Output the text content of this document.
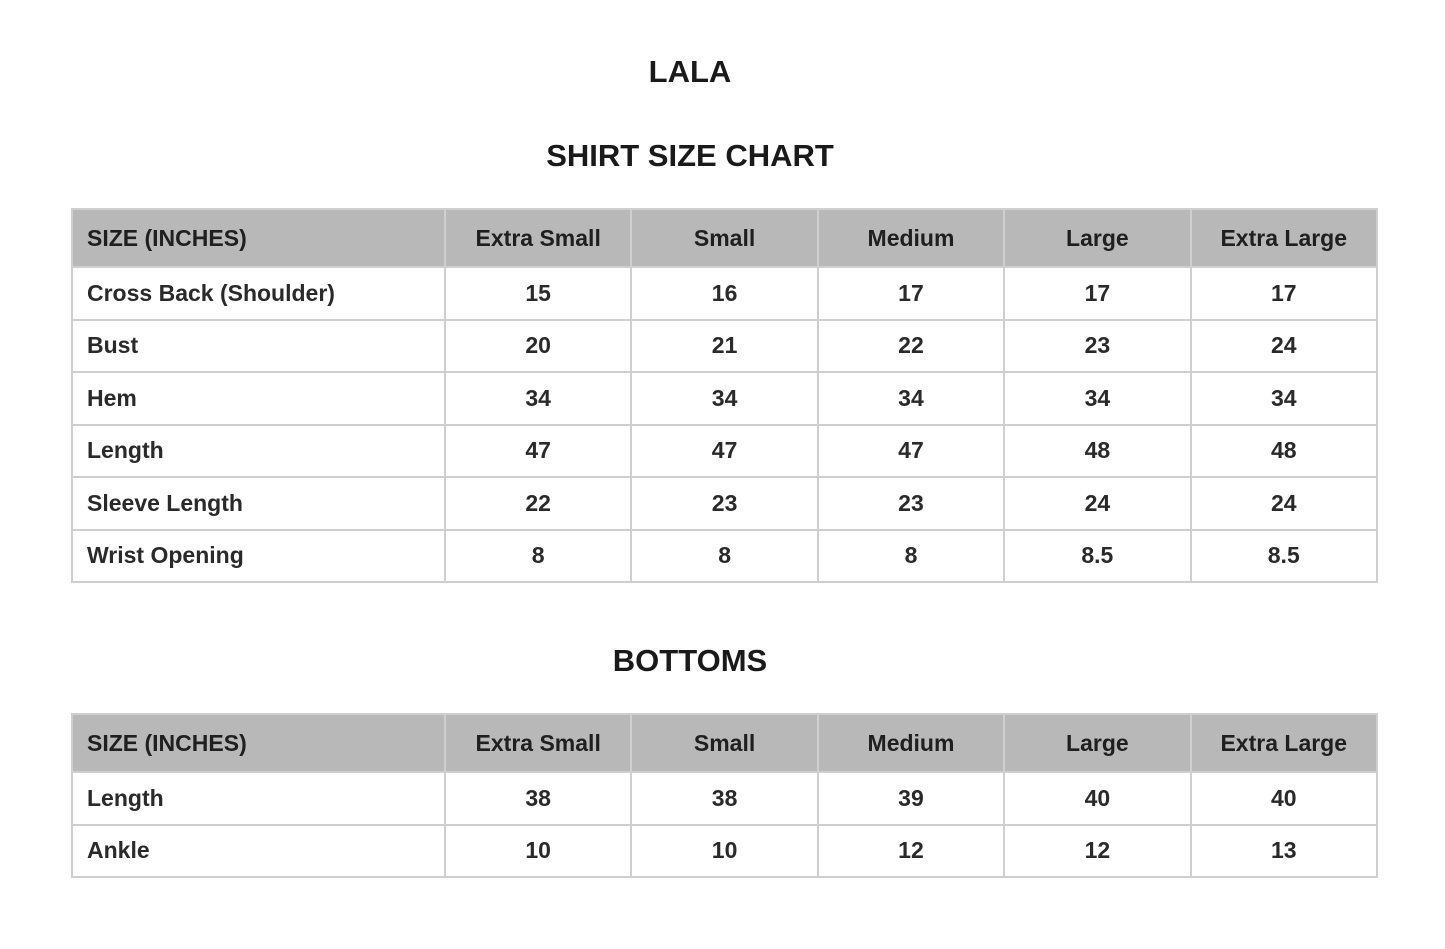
LALA
SHIRT SIZE CHART
SIZE (INCHES)	Extra Small	Small	Medium	Large	Extra Large
Cross Back (Shoulder)	15	16	17	17	17
Bust	20	21	22	23	24
Hem	34	34	34	34	34
Length	47	47	47	48	48
Sleeve Length	22	23	23	24	24
Wrist Opening	8	8	8	8.5	8.5
BOTTOMS
SIZE (INCHES)	Extra Small	Small	Medium	Large	Extra Large
Length	38	38	39	40	40
Ankle	10	10	12	12	13
